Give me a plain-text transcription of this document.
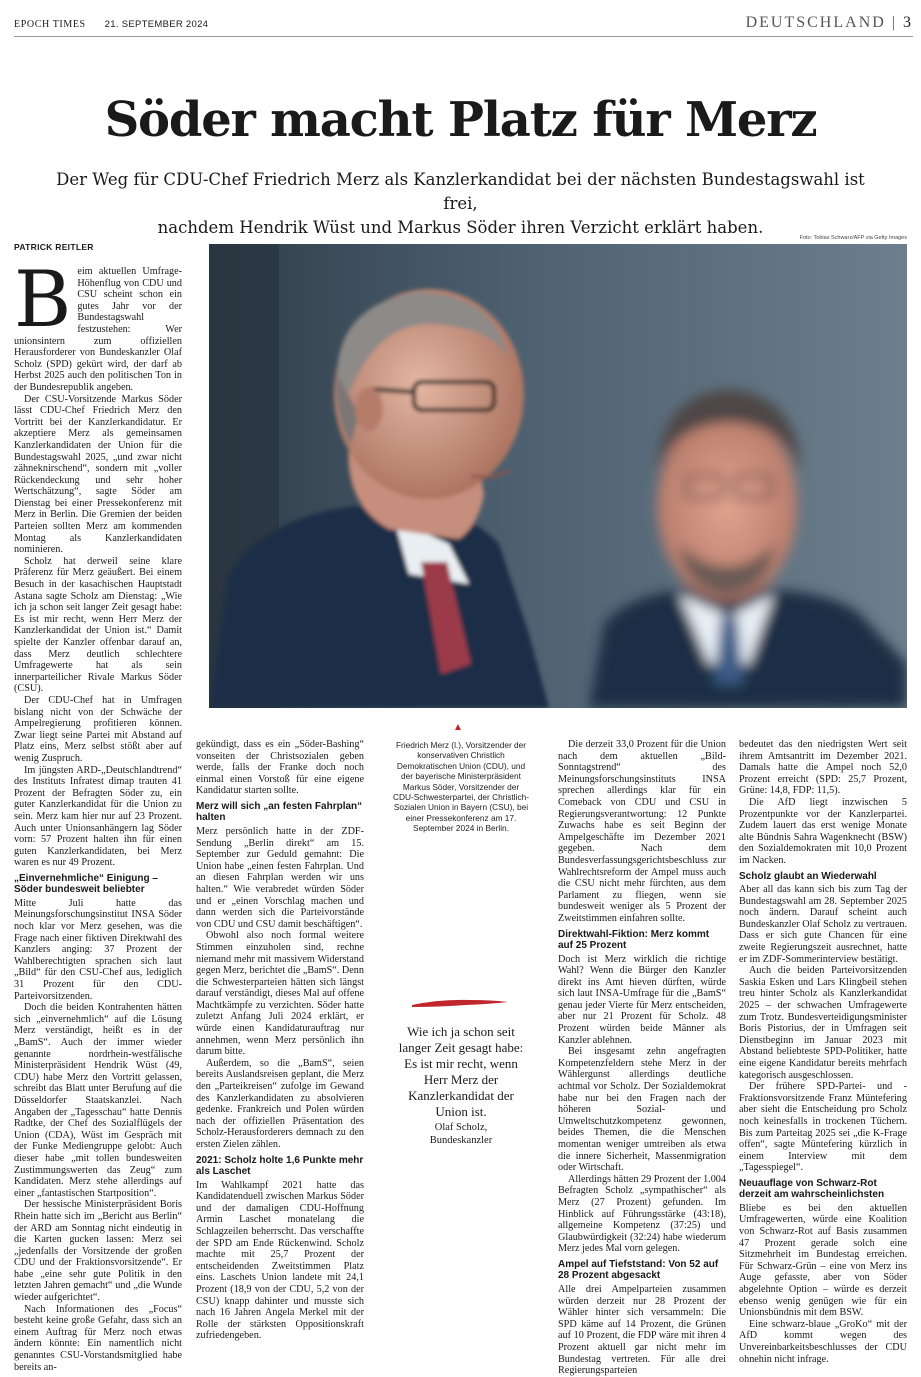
EPOCH TIMES 21. SEPTEMBER 2024	DEUTSCHLAND | 3
Söder macht Platz für Merz
Der Weg für CDU-Chef Friedrich Merz als Kanzlerkandidat bei der nächsten Bundestagswahl ist frei,
nachdem Hendrik Wüst und Markus Söder ihren Verzicht erklärt haben.
PATRICK REITLER
Foto: Tobias Schwarz/AFP via Getty Images

Beim aktuellen Umfrage-Höhenflug von CDU und CSU scheint schon ein gutes Jahr vor der Bundestagswahl festzustehen: Wer unionsintern zum offiziellen Herausforderer von Bundeskanzler Olaf Scholz (SPD) gekürt wird, der darf ab Herbst 2025 auch den politischen Ton in der Bundesrepublik angeben.

Der CSU-Vorsitzende Markus Söder lässt CDU-Chef Friedrich Merz den Vortritt bei der Kanzlerkandidatur. Er akzeptiere Merz als gemeinsamen Kanzlerkandidaten der Union für die Bundestagswahl 2025, „und zwar nicht zähneknirschend“, sondern mit „voller Rückendeckung und sehr hoher Wertschätzung“, sagte Söder am Dienstag bei einer Pressekonferenz mit Merz in Berlin. Die Gremien der beiden Parteien sollten Merz am kommenden Montag als Kanzlerkandidaten nominieren.

Scholz hat derweil seine klare Präferenz für Merz geäußert. Bei einem Besuch in der kasachischen Hauptstadt Astana sagte Scholz am Dienstag: „Wie ich ja schon seit langer Zeit gesagt habe: Es ist mir recht, wenn Herr Merz der Kanzlerkandidat der Union ist.“ Damit spielte der Kanzler offenbar darauf an, dass Merz deutlich schlechtere Umfragewerte hat als sein innerparteilicher Rivale Markus Söder (CSU).

Der CDU-Chef hat in Umfragen bislang nicht von der Schwäche der Ampelregierung profitieren können. Zwar liegt seine Partei mit Abstand auf Platz eins, Merz selbst stößt aber auf wenig Zuspruch.

Im jüngsten ARD-„Deutschlandtrend“ des Instituts Infratest dimap trauten 41 Prozent der Befragten Söder zu, ein guter Kanzlerkandidat für die Union zu sein. Merz kam hier nur auf 23 Prozent. Auch unter Unionsanhängern lag Söder vorn: 57 Prozent halten ihn für einen guten Kanzlerkandidaten, bei Merz waren es nur 49 Prozent.

„Einvernehmliche“ Einigung – Söder bundesweit beliebter

Mitte Juli hatte das Meinungsforschungsinstitut INSA Söder noch klar vor Merz gesehen, was die Frage nach einer fiktiven Direktwahl des Kanzlers anging: 37 Prozent der Wahlberechtigten sprachen sich laut „Bild“ für den CSU-Chef aus, lediglich 31 Prozent für den CDU-Parteivorsitzenden.

Doch die beiden Kontrahenten hätten sich „einvernehmlich“ auf die Lösung Merz verständigt, heißt es in der „BamS“. Auch der immer wieder genannte nordrhein-westfälische Ministerpräsident Hendrik Wüst (49, CDU) habe Merz den Vortritt gelassen, schreibt das Blatt unter Berufung auf die Düsseldorfer Staatskanzlei. Nach Angaben der „Tagesschau“ hatte Dennis Radtke, der Chef des Sozialflügels der Union (CDA), Wüst im Gespräch mit der Funke Mediengruppe gelobt: Auch dieser habe „mit tollen bundesweiten Zustimmungswerten das Zeug“ zum Kandidaten. Merz stehe allerdings auf einer „fantastischen Startposition“.

Der hessische Ministerpräsident Boris Rhein hatte sich im „Bericht aus Berlin“ der ARD am Sonntag nicht eindeutig in die Karten gucken lassen: Merz sei „jedenfalls der Vorsitzende der großen CDU und der Fraktionsvorsitzende“. Er habe „eine sehr gute Politik in den letzten Jahren gemacht“ und „die Wunde wieder aufgerichtet“.

Nach Informationen des „Focus“ besteht keine große Gefahr, dass sich an einem Auftrag für Merz noch etwas ändern könnte: Ein namentlich nicht genanntes CSU-Vorstandsmitglied habe bereits an-

gekündigt, dass es ein „Söder-Bashing“ vonseiten der Christsozialen geben werde, falls der Franke doch noch einmal einen Vorstoß für eine eigene Kandidatur starten sollte.

Merz will sich „an festen Fahrplan“ halten

Merz persönlich hatte in der ZDF-Sendung „Berlin direkt“ am 15. September zur Geduld gemahnt: Die Union habe „einen festen Fahrplan. Und an diesen Fahrplan werden wir uns halten.“ Wie verabredet würden Söder und er „einen Vorschlag machen und dann werden sich die Parteivorstände von CDU und CSU damit beschäftigen“.

Obwohl also noch formal weitere Stimmen einzuholen sind, rechne niemand mehr mit massivem Widerstand gegen Merz, berichtet die „BamS“. Denn die Schwesterparteien hätten sich längst darauf verständigt, dieses Mal auf offene Machtkämpfe zu verzichten. Söder hatte zuletzt Anfang Juli 2024 erklärt, er würde einen Kandidaturauftrag nur annehmen, wenn Merz persönlich ihn darum bitte.

Außerdem, so die „BamS“, seien bereits Auslandsreisen geplant, die Merz den „Parteikreisen“ zufolge im Gewand des Kanzlerkandidaten zu absolvieren gedenke. Frankreich und Polen würden nach der offiziellen Präsentation des Scholz-Herausforderers demnach zu den ersten Zielen zählen.

2021: Scholz holte 1,6 Punkte mehr als Laschet

Im Wahlkampf 2021 hatte das Kandidatenduell zwischen Markus Söder und der damaligen CDU-Hoffnung Armin Laschet monatelang die Schlagzeilen beherrscht. Das verschaffte der SPD am Ende Rückenwind. Scholz machte mit 25,7 Prozent der entscheidenden Zweitstimmen Platz eins. Laschets Union landete mit 24,1 Prozent (18,9 von der CDU, 5,2 von der CSU) knapp dahinter und musste sich nach 16 Jahren Angela Merkel mit der Rolle der stärksten Oppositionskraft zufriedengeben.

Friedrich Merz (l.), Vorsitzender der konservativen Christlich Demokratischen Union (CDU), und der bayerische Ministerpräsident Markus Söder, Vorsitzender der CDU-Schwesterpartei, der Christlich-Sozialen Union in Bayern (CSU), bei einer Pressekonferenz am 17. September 2024 in Berlin.
Wie ich ja schon seit langer Zeit gesagt habe: Es ist mir recht, wenn Herr Merz der Kanzlerkandidat der Union ist.
Olaf Scholz,
Bundeskanzler

Die derzeit 33,0 Prozent für die Union nach dem aktuellen „Bild-Sonntagstrend“ des Meinungsforschungsinstituts INSA sprechen allerdings klar für ein Comeback von CDU und CSU in Regierungsverantwortung: 12 Punkte Zuwachs habe es seit Beginn der Ampelgeschäfte im Dezember 2021 gegeben. Nach dem Bundesverfassungsgerichtsbeschluss zur Wahlrechtsreform der Ampel muss auch die CSU nicht mehr fürchten, aus dem Parlament zu fliegen, wenn sie bundesweit weniger als 5 Prozent der Zweitstimmen einfahren sollte.

Direktwahl-Fiktion: Merz kommt auf 25 Prozent

Doch ist Merz wirklich die richtige Wahl? Wenn die Bürger den Kanzler direkt ins Amt hieven dürften, würde sich laut INSA-Umfrage für die „BamS“ genau jeder Vierte für Merz entscheiden, aber nur 21 Prozent für Scholz. 48 Prozent würden beide Männer als Kanzler ablehnen.

Bei insgesamt zehn angefragten Kompetenzfeldern stehe Merz in der Wählergunst allerdings deutliche achtmal vor Scholz. Der Sozialdemokrat habe nur bei den Fragen nach der höheren Sozial- und Umweltschutzkompetenz gewonnen, beides Themen, die die Menschen momentan weniger umtreiben als etwa die innere Sicherheit, Massenmigration oder Wirtschaft.

Allerdings hätten 29 Prozent der 1.004 Befragten Scholz „sympathischer“ als Merz (27 Prozent) gefunden. Im Hinblick auf Führungsstärke (43:18), allgemeine Kompetenz (37:25) und Glaubwürdigkeit (32:24) habe wiederum Merz jedes Mal vorn gelegen.

Ampel auf Tiefststand: Von 52 auf 28 Prozent abgesackt

Alle drei Ampelparteien zusammen würden derzeit nur 28 Prozent der Wähler hinter sich versammeln: Die SPD käme auf 14 Prozent, die Grünen auf 10 Prozent, die FDP wäre mit ihren 4 Prozent aktuell gar nicht mehr im Bundestag vertreten. Für alle drei Regierungsparteien

bedeutet das den niedrigsten Wert seit ihrem Amtsantritt im Dezember 2021. Damals hatte die Ampel noch 52,0 Prozent erreicht (SPD: 25,7 Prozent, Grüne: 14,8, FDP: 11,5).

Die AfD liegt inzwischen 5 Prozentpunkte vor der Kanzlerpartei. Zudem lauert das erst wenige Monate alte Bündnis Sahra Wagenknecht (BSW) den Sozialdemokraten mit 10,0 Prozent im Nacken.

Scholz glaubt an Wiederwahl

Aber all das kann sich bis zum Tag der Bundestagswahl am 28. September 2025 noch ändern. Darauf scheint auch Bundeskanzler Olaf Scholz zu vertrauen. Dass er sich gute Chancen für eine zweite Regierungszeit ausrechnet, hatte er im ZDF-Sommerinterview bestätigt.

Auch die beiden Parteivorsitzenden Saskia Esken und Lars Klingbeil stehen treu hinter Scholz als Kanzlerkandidat 2025 – der schwachen Umfragewerte zum Trotz. Bundesverteidigungsminister Boris Pistorius, der in Umfragen seit Dienstbeginn im Januar 2023 mit Abstand beliebteste SPD-Politiker, hatte eine eigene Kandidatur bereits mehrfach kategorisch ausgeschlossen.

Der frühere SPD-Partei- und -Fraktionsvorsitzende Franz Müntefering aber sieht die Entscheidung pro Scholz noch keinesfalls in trockenen Tüchern. Bis zum Parteitag 2025 sei „die K-Frage offen“, sagte Müntefering kürzlich in einem Interview mit dem „Tagesspiegel“.

Neuauflage von Schwarz-Rot derzeit am wahrscheinlichsten

Bliebe es bei den aktuellen Umfragewerten, würde eine Koalition von Schwarz-Rot auf Basis zusammen 47 Prozent gerade solch eine Sitzmehrheit im Bundestag erreichen. Für Schwarz-Grün – eine von Merz ins Auge gefasste, aber von Söder abgelehnte Option – würde es derzeit ebenso wenig genügen wie für ein Unionsbündnis mit dem BSW.

Eine schwarz-blaue „GroKo“ mit der AfD kommt wegen des Unvereinbarkeitsbeschlusses der CDU ohnehin nicht infrage.
